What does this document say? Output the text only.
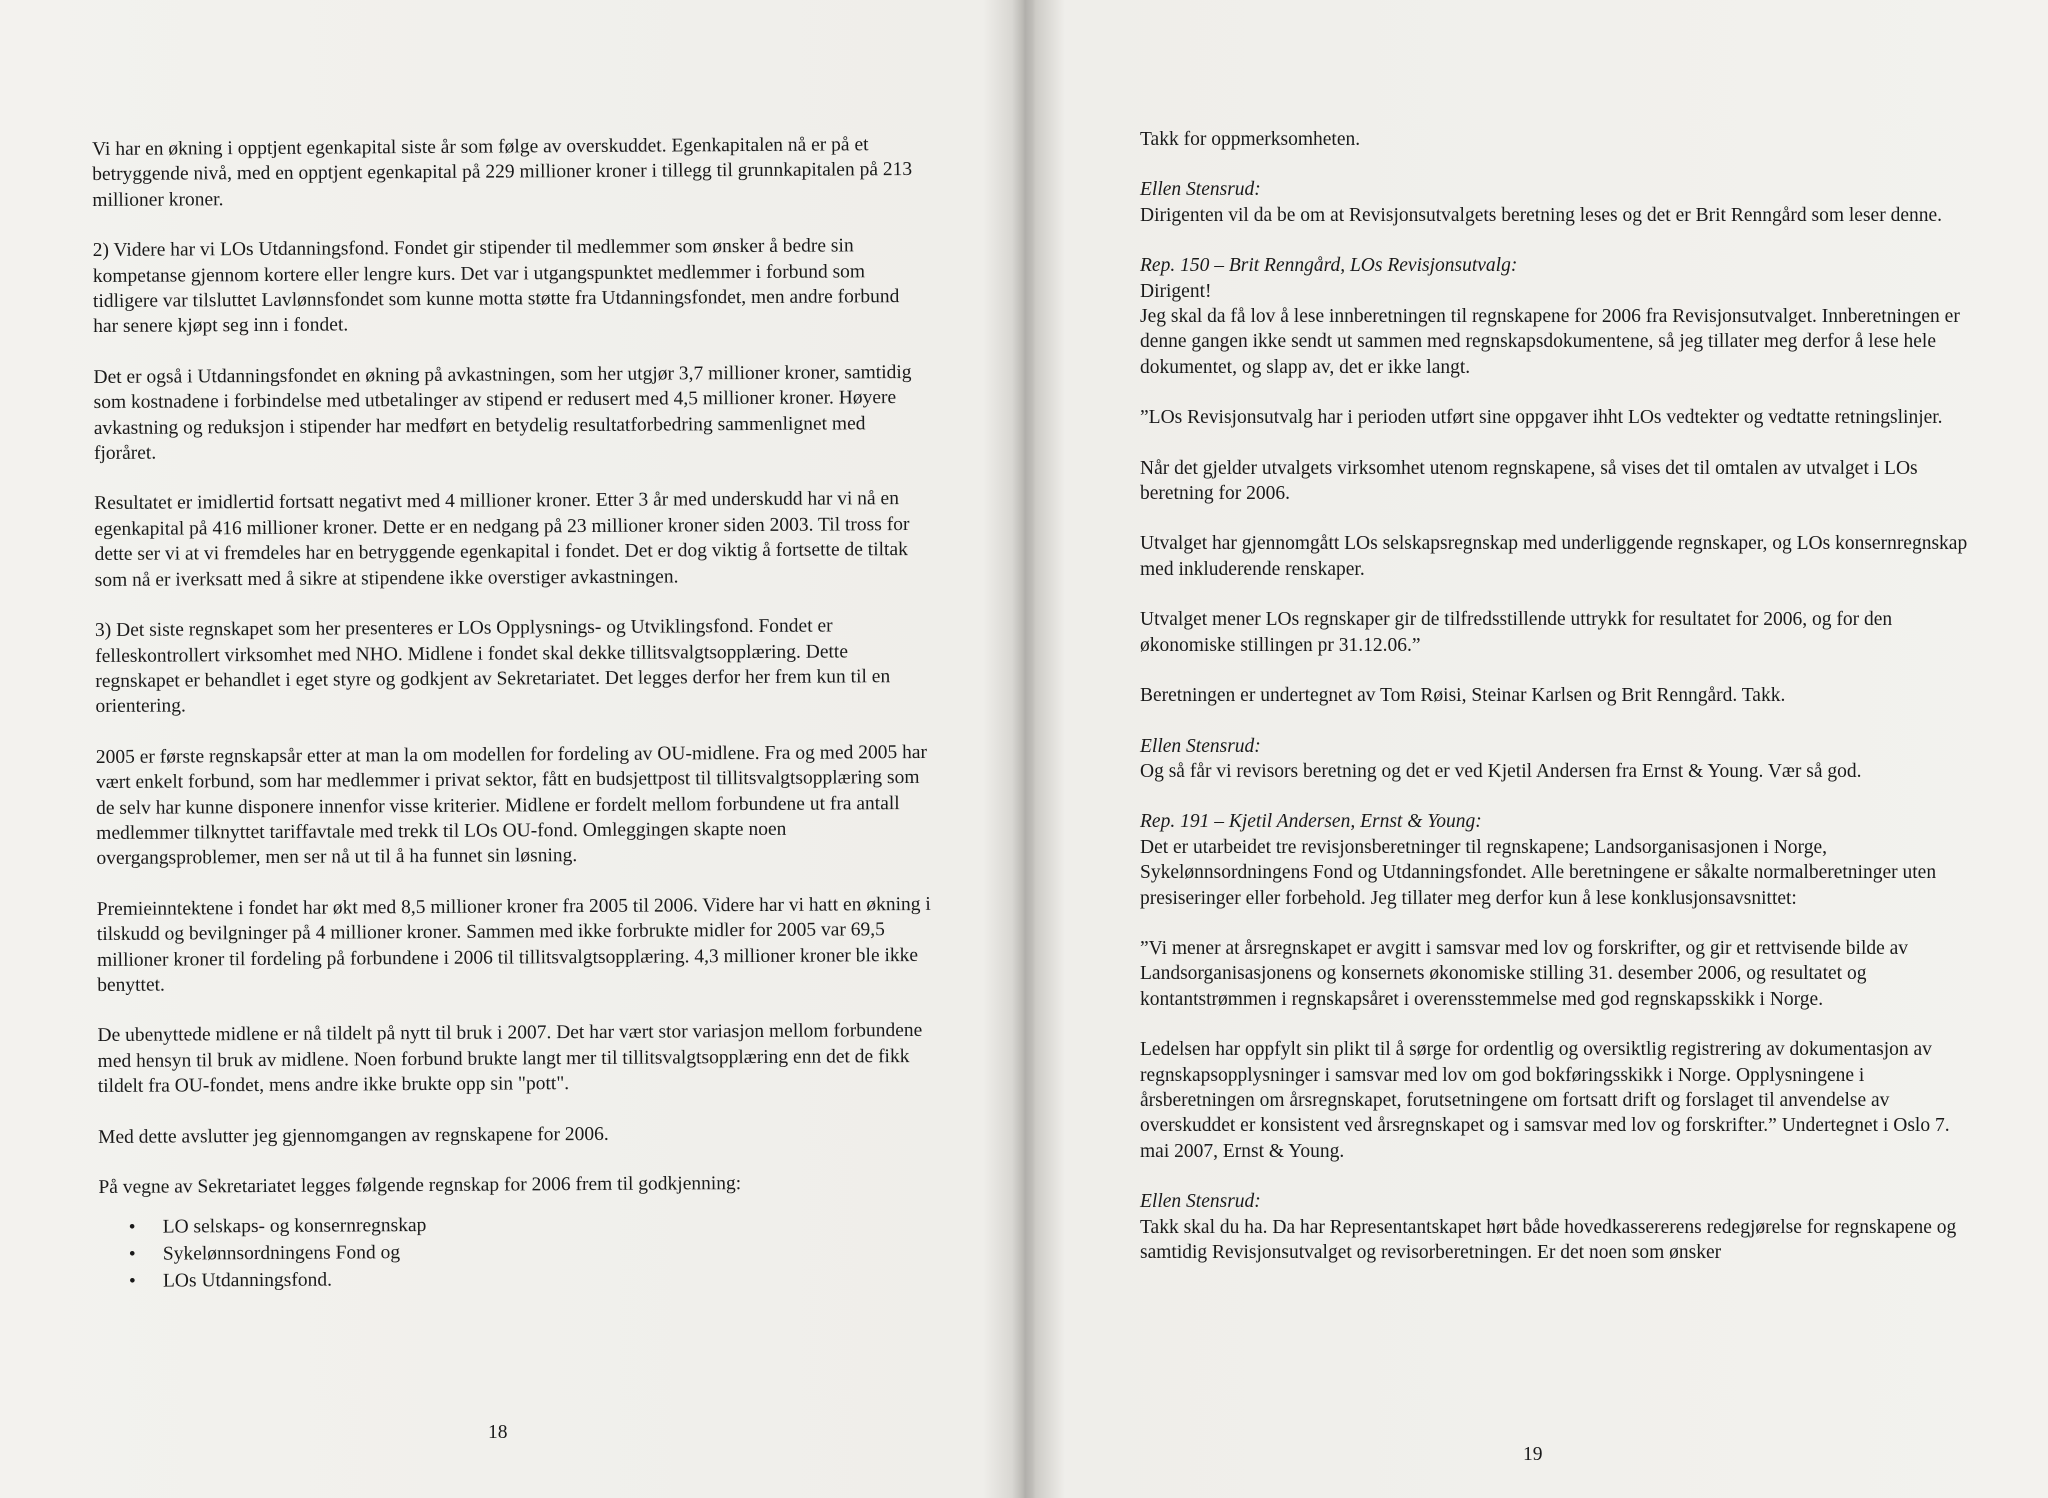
Vi har en økning i opptjent egenkapital siste år som følge av overskuddet. Egenkapitalen nå er på et betryggende nivå, med en opptjent egenkapital på 229 millioner kroner i tillegg til grunnkapitalen på 213 millioner kroner.

2) Videre har vi LOs Utdanningsfond. Fondet gir stipender til medlemmer som ønsker å bedre sin kompetanse gjennom kortere eller lengre kurs. Det var i utgangspunktet medlemmer i forbund som tidligere var tilsluttet Lavlønnsfondet som kunne motta støtte fra Utdanningsfondet, men andre forbund har senere kjøpt seg inn i fondet.

Det er også i Utdanningsfondet en økning på avkastningen, som her utgjør 3,7 millioner kroner, samtidig som kostnadene i forbindelse med utbetalinger av stipend er redusert med 4,5 millioner kroner. Høyere avkastning og reduksjon i stipender har medført en betydelig resultatforbedring sammenlignet med fjoråret.

Resultatet er imidlertid fortsatt negativt med 4 millioner kroner. Etter 3 år med underskudd har vi nå en egenkapital på 416 millioner kroner. Dette er en nedgang på 23 millioner kroner siden 2003. Til tross for dette ser vi at vi fremdeles har en betryggende egenkapital i fondet. Det er dog viktig å fortsette de tiltak som nå er iverksatt med å sikre at stipendene ikke overstiger avkastningen.

3) Det siste regnskapet som her presenteres er LOs Opplysnings- og Utviklingsfond. Fondet er felleskontrollert virksomhet med NHO. Midlene i fondet skal dekke tillitsvalgtsopplæring. Dette regnskapet er behandlet i eget styre og godkjent av Sekretariatet. Det legges derfor her frem kun til en orientering.

2005 er første regnskapsår etter at man la om modellen for fordeling av OU-midlene. Fra og med 2005 har vært enkelt forbund, som har medlemmer i privat sektor, fått en budsjettpost til tillitsvalgtsopplæring som de selv har kunne disponere innenfor visse kriterier. Midlene er fordelt mellom forbundene ut fra antall medlemmer tilknyttet tariffavtale med trekk til LOs OU-fond. Omleggingen skapte noen overgangsproblemer, men ser nå ut til å ha funnet sin løsning.

Premieinntektene i fondet har økt med 8,5 millioner kroner fra 2005 til 2006. Videre har vi hatt en økning i tilskudd og bevilgninger på 4 millioner kroner. Sammen med ikke forbrukte midler for 2005 var 69,5 millioner kroner til fordeling på forbundene i 2006 til tillitsvalgtsopplæring. 4,3 millioner kroner ble ikke benyttet.

De ubenyttede midlene er nå tildelt på nytt til bruk i 2007. Det har vært stor variasjon mellom forbundene med hensyn til bruk av midlene. Noen forbund brukte langt mer til tillitsvalgtsopplæring enn det de fikk tildelt fra OU-fondet, mens andre ikke brukte opp sin "pott".

Med dette avslutter jeg gjennomgangen av regnskapene for 2006.

På vegne av Sekretariatet legges følgende regnskap for 2006 frem til godkjenning:

• LO selskaps- og konsernregnskap
• Sykelønnsordningens Fond og
• LOs Utdanningsfond.
18

Takk for oppmerksomheten.

Ellen Stensrud:
Dirigenten vil da be om at Revisjonsutvalgets beretning leses og det er Brit Renngård som leser denne.

Rep. 150 – Brit Renngård, LOs Revisjonsutvalg:
Dirigent!
Jeg skal da få lov å lese innberetningen til regnskapene for 2006 fra Revisjonsutvalget. Innberetningen er denne gangen ikke sendt ut sammen med regnskapsdokumentene, så jeg tillater meg derfor å lese hele dokumentet, og slapp av, det er ikke langt.

”LOs Revisjonsutvalg har i perioden utført sine oppgaver ihht LOs vedtekter og vedtatte retningslinjer.

Når det gjelder utvalgets virksomhet utenom regnskapene, så vises det til omtalen av utvalget i LOs beretning for 2006.

Utvalget har gjennomgått LOs selskapsregnskap med underliggende regnskaper, og LOs konsernregnskap med inkluderende renskaper.

Utvalget mener LOs regnskaper gir de tilfredsstillende uttrykk for resultatet for 2006, og for den økonomiske stillingen pr 31.12.06.”

Beretningen er undertegnet av Tom Røisi, Steinar Karlsen og Brit Renngård. Takk.

Ellen Stensrud:
Og så får vi revisors beretning og det er ved Kjetil Andersen fra Ernst & Young. Vær så god.

Rep. 191 – Kjetil Andersen, Ernst & Young:
Det er utarbeidet tre revisjonsberetninger til regnskapene; Landsorganisasjonen i Norge, Sykelønnsordningens Fond og Utdanningsfondet. Alle beretningene er såkalte normalberetninger uten presiseringer eller forbehold. Jeg tillater meg derfor kun å lese konklusjonsavsnittet:

”Vi mener at årsregnskapet er avgitt i samsvar med lov og forskrifter, og gir et rettvisende bilde av Landsorganisasjonens og konsernets økonomiske stilling 31. desember 2006, og resultatet og kontantstrømmen i regnskapsåret i overensstemmelse med god regnskapsskikk i Norge.

Ledelsen har oppfylt sin plikt til å sørge for ordentlig og oversiktlig registrering av dokumentasjon av regnskapsopplysninger i samsvar med lov om god bokføringsskikk i Norge. Opplysningene i årsberetningen om årsregnskapet, forutsetningene om fortsatt drift og forslaget til anvendelse av overskuddet er konsistent ved årsregnskapet og i samsvar med lov og forskrifter.” Undertegnet i Oslo 7. mai 2007, Ernst & Young.

Ellen Stensrud:
Takk skal du ha. Da har Representantskapet hørt både hovedkassererens redegjørelse for regnskapene og samtidig Revisjonsutvalget og revisorberetningen. Er det noen som ønsker

19
